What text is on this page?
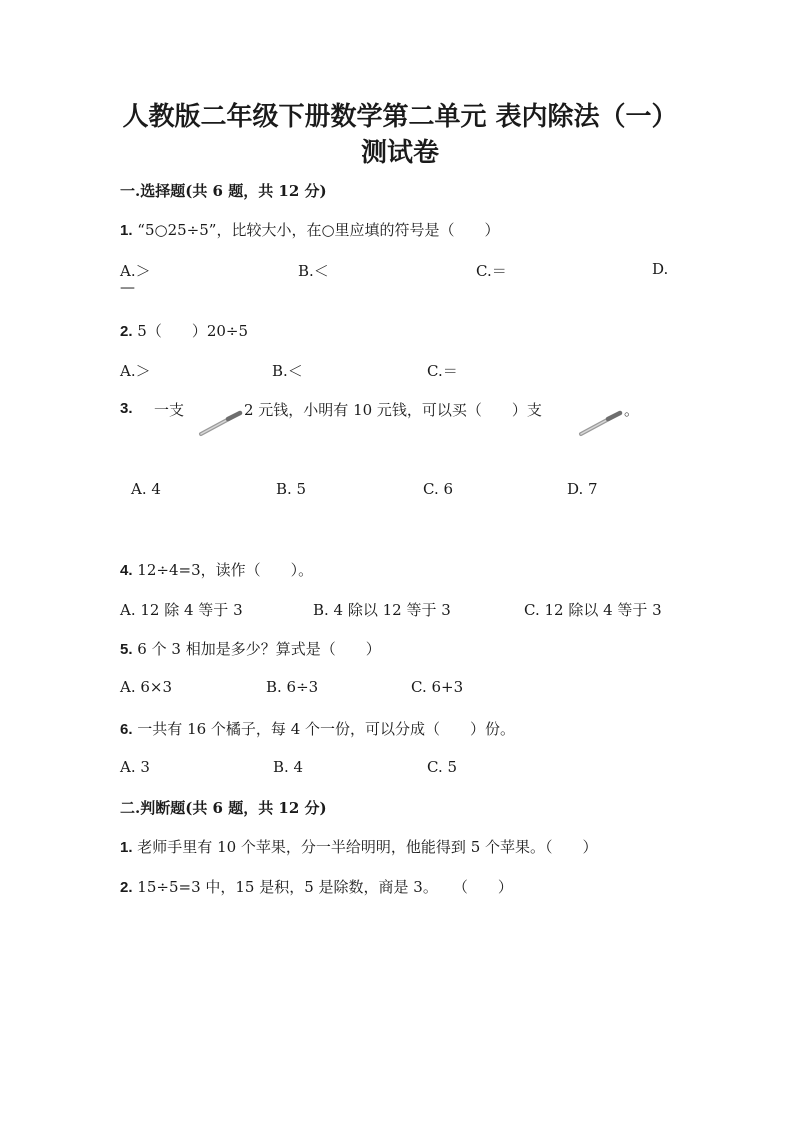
人教版二年级下册数学第二单元 表内除法（一）
测试卷
一.选择题(共 6 题，共 12 分)
1. “5○25÷5”，比较大小，在○里应填的符号是（　　）
A.＞	B.＜	C.＝	D.
—
2. 5（　　）20÷5
A.＞	B.＜	C.＝
3. 一支	2 元钱，小明有 10 元钱，可以买（　　）支	。
A. 4	B. 5	C. 6	D. 7
4. 12÷4=3，读作（　　）。
A. 12 除 4 等于 3	B. 4 除以 12 等于 3	C. 12 除以 4 等于 3
5. 6 个 3 相加是多少？算式是（　　）
A. 6×3	B. 6÷3	C. 6+3
6. 一共有 16 个橘子，每 4 个一份，可以分成（　　）份。
A. 3	B. 4	C. 5
二.判断题(共 6 题，共 12 分)
1. 老师手里有 10 个苹果，分一半给明明，他能得到 5 个苹果。（　　）
2. 15÷5=3 中，15 是积，5 是除数，商是 3。　　（　　）
